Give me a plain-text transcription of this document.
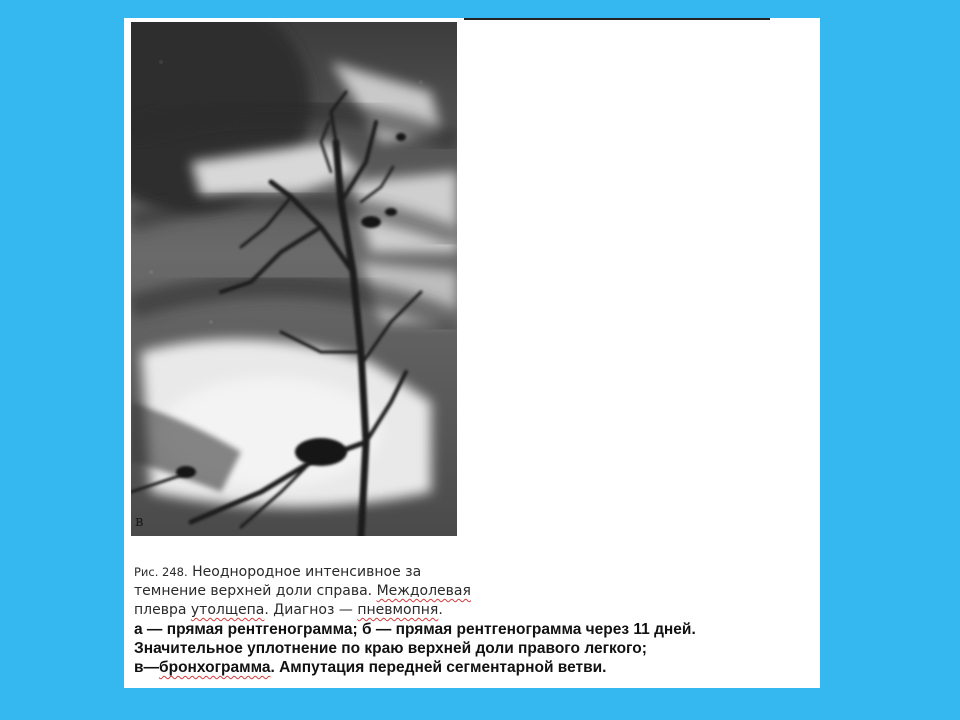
в
Рис. 248. Неоднородное интенсивное за
темнение верхней доли справа. Междолевая
плевра утолщепа. Диагноз — пневмопня.
а — прямая рентгенограмма; б — прямая рентгенограмма через 11 дней.
Значительное уплотнение по краю верхней доли правого легкого;
в—бронхограмма. Ампутация передней сегментарной ветви.
